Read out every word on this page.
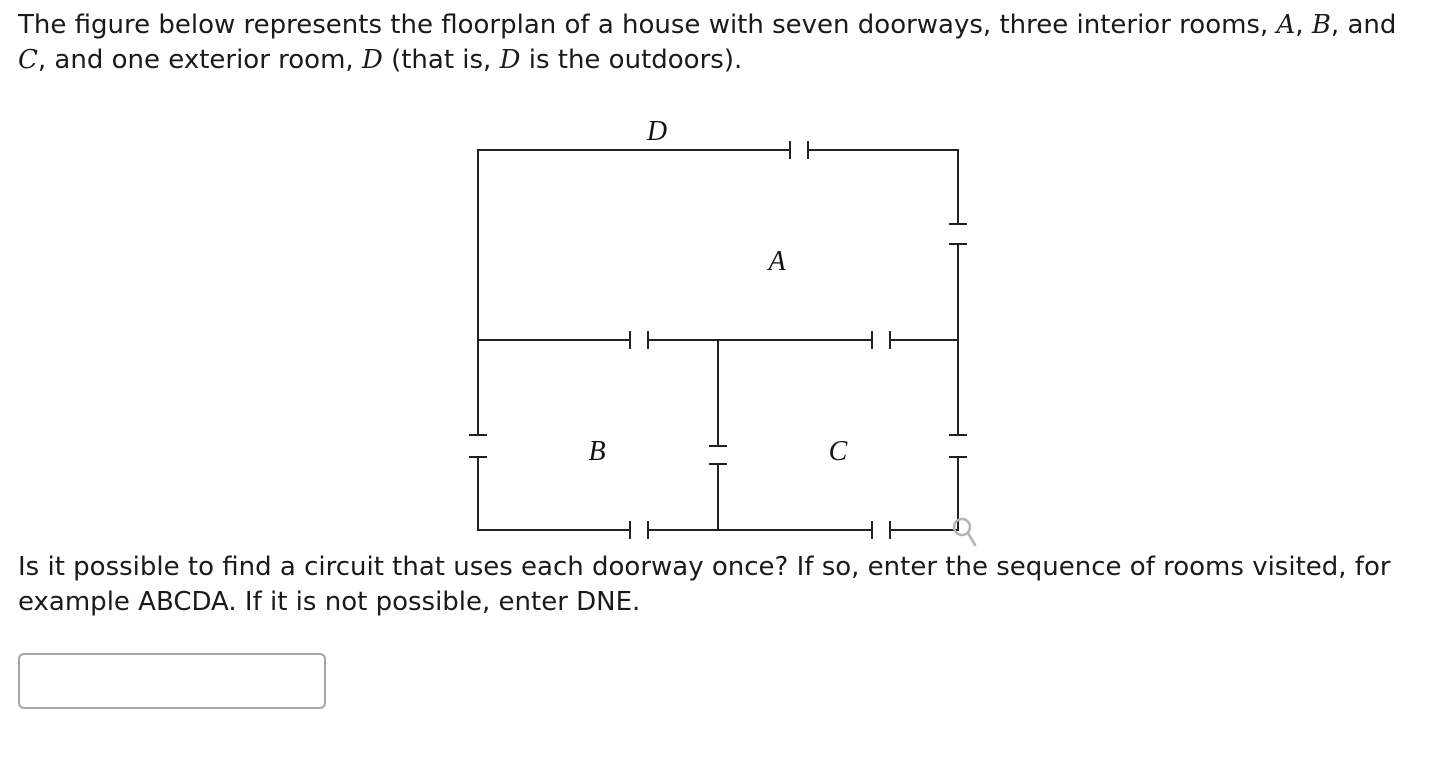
The figure below represents the floorplan of a house with seven doorways, three interior rooms, A, B, and C, and one exterior room, D (that is, D is the outdoors).

D
A
B	C

Is it possible to find a circuit that uses each doorway once? If so, enter the sequence of rooms visited, for example ABCDA. If it is not possible, enter DNE.
